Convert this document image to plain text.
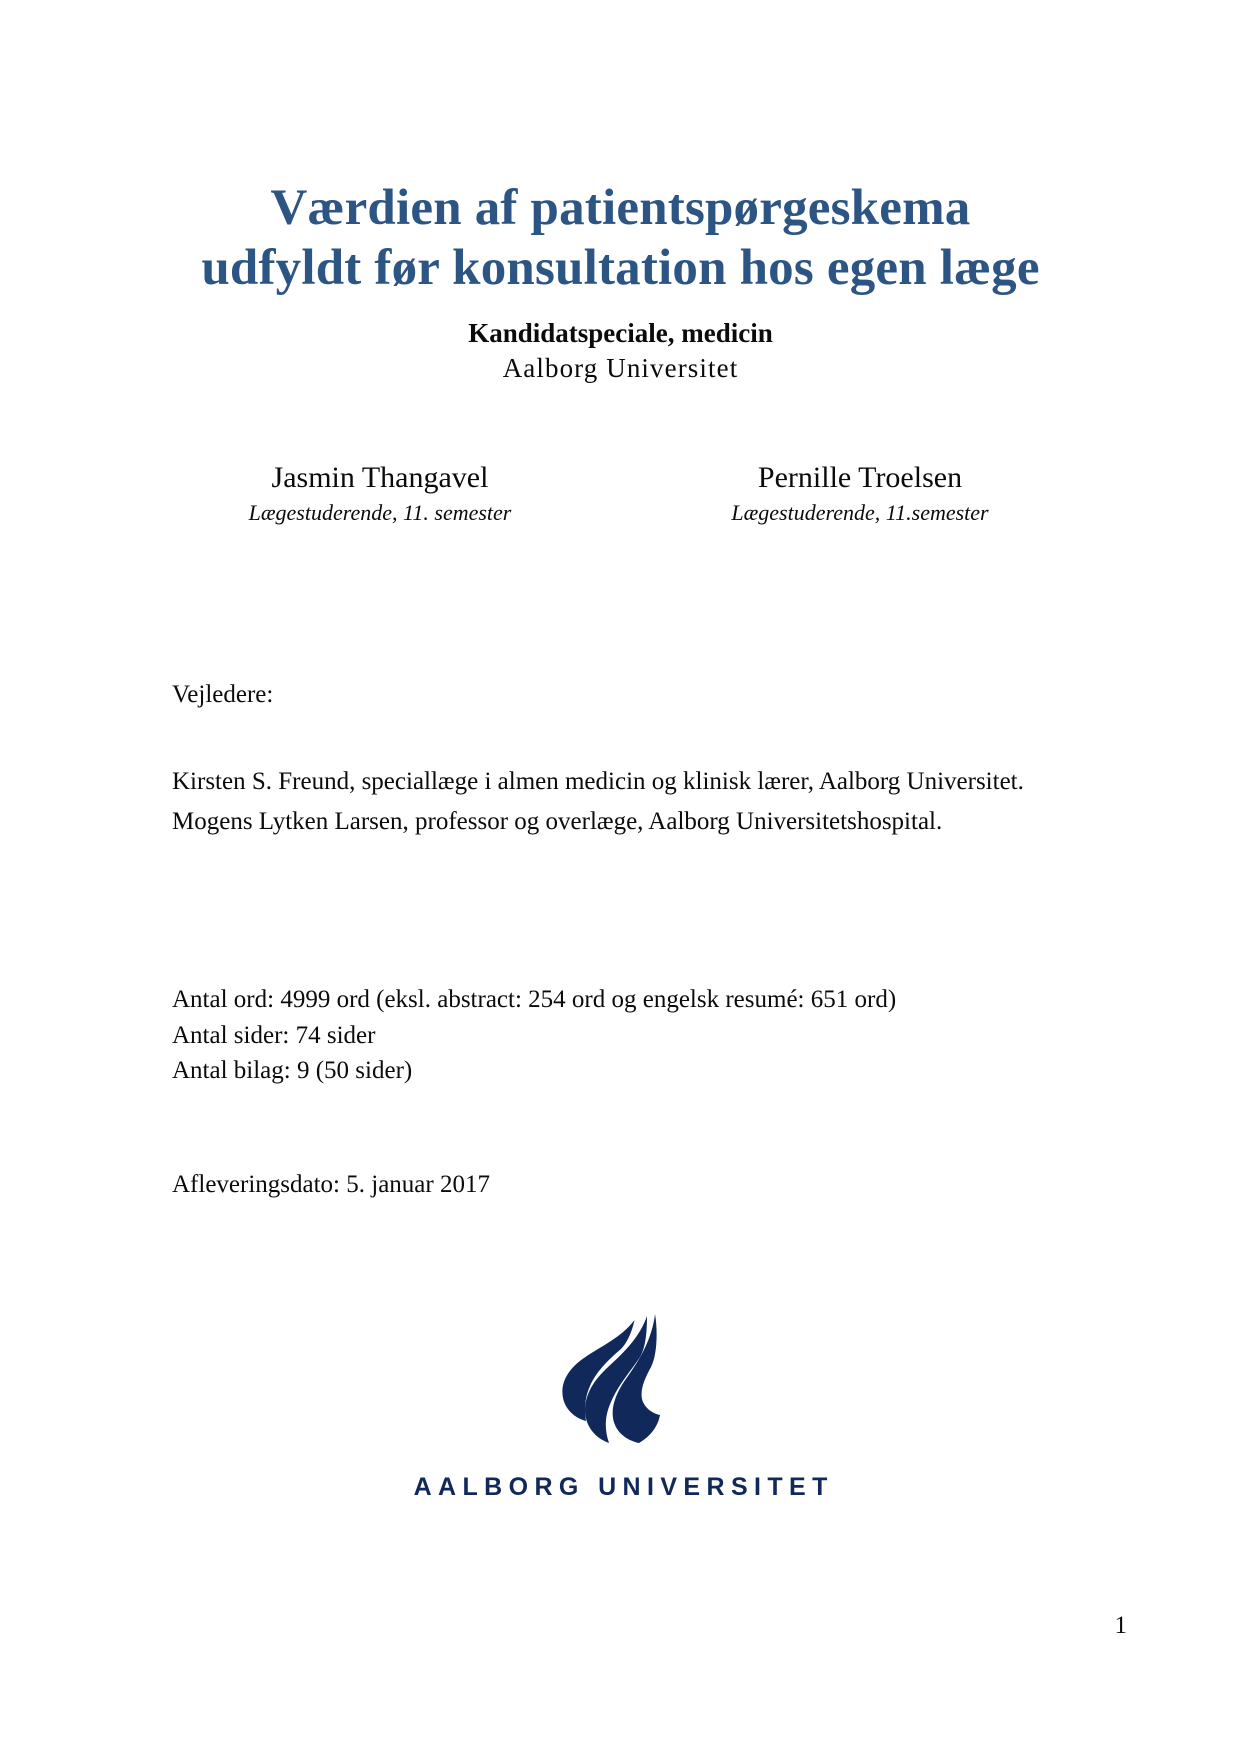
Værdien af patientspørgeskema
udfyldt før konsultation hos egen læge
Kandidatspeciale, medicin
Aalborg Universitet
Jasmin Thangavel
Lægestuderende, 11. semester
Pernille Troelsen
Lægestuderende, 11.semester
Vejledere:
Kirsten S. Freund, speciallæge i almen medicin og klinisk lærer, Aalborg Universitet.
Mogens Lytken Larsen, professor og overlæge, Aalborg Universitetshospital.
Antal ord: 4999 ord (eksl. abstract: 254 ord og engelsk resumé: 651 ord)
Antal sider: 74 sider
Antal bilag: 9 (50 sider)
Afleveringsdato: 5. januar 2017
AALBORG UNIVERSITET
1
